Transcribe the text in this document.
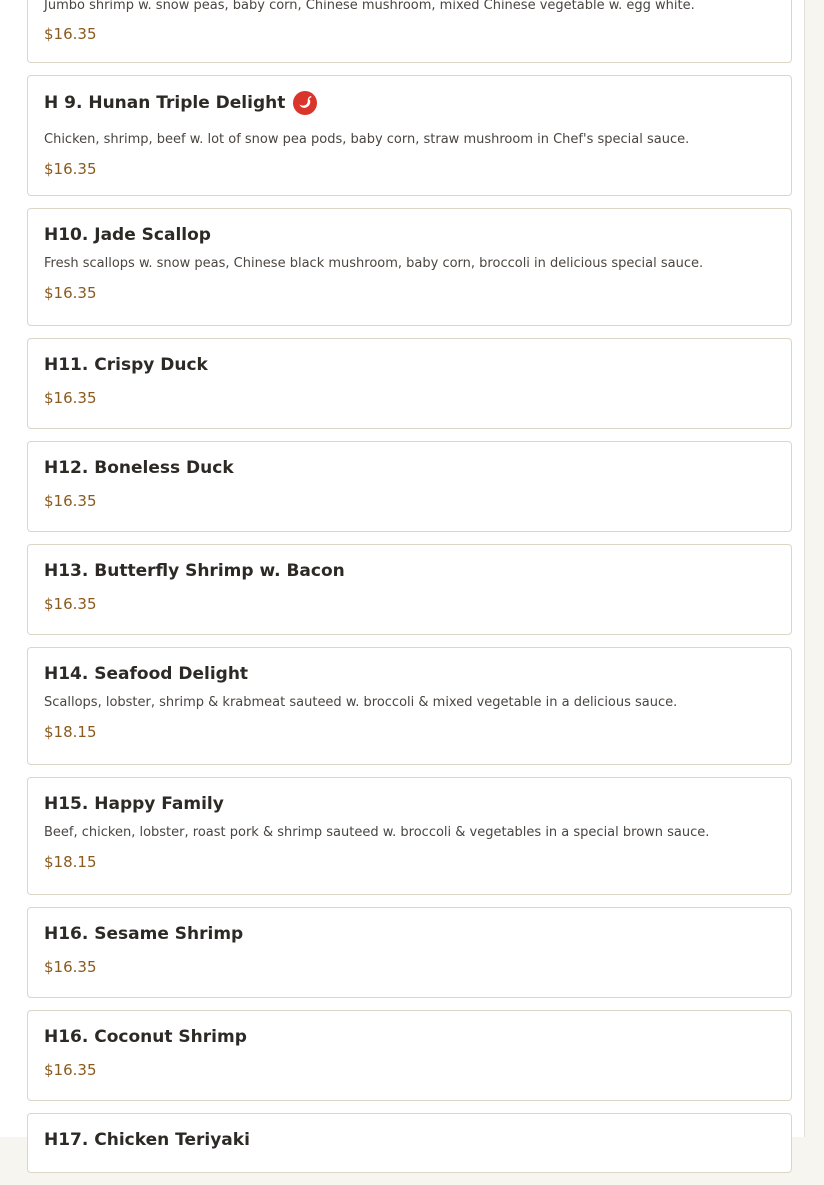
Jumbo shrimp w. snow peas, baby corn, Chinese mushroom, mixed Chinese vegetable w. egg white.
$16.35
H 9. Hunan Triple Delight
Chicken, shrimp, beef w. lot of snow pea pods, baby corn, straw mushroom in Chef's special sauce.
$16.35
H10. Jade Scallop
Fresh scallops w. snow peas, Chinese black mushroom, baby corn, broccoli in delicious special sauce.
$16.35
H11. Crispy Duck
$16.35
H12. Boneless Duck
$16.35
H13. Butterfly Shrimp w. Bacon
$16.35
H14. Seafood Delight
Scallops, lobster, shrimp & krabmeat sauteed w. broccoli & mixed vegetable in a delicious sauce.
$18.15
H15. Happy Family
Beef, chicken, lobster, roast pork & shrimp sauteed w. broccoli & vegetables in a special brown sauce.
$18.15
H16. Sesame Shrimp
$16.35
H16. Coconut Shrimp
$16.35
H17. Chicken Teriyaki
